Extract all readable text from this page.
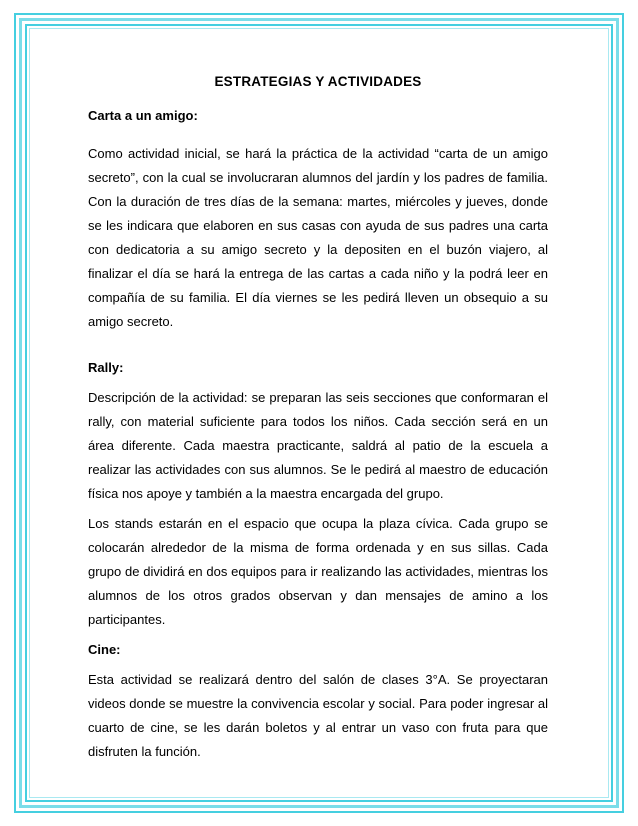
ESTRATEGIAS Y ACTIVIDADES
Carta a un amigo:
Como actividad inicial, se hará la práctica de la actividad “carta de un amigo secreto”, con la cual se involucraran alumnos del jardín y los padres de familia. Con la duración de tres días de la semana: martes, miércoles y jueves, donde se les indicara que elaboren en sus casas con ayuda de sus padres una carta con dedicatoria a su amigo secreto y la depositen en el buzón viajero, al finalizar el día se hará la entrega de las cartas a cada niño y la podrá leer en compañía de su familia. El día viernes se les pedirá lleven un obsequio a su amigo secreto.
Rally:
Descripción de la actividad: se preparan las seis secciones que conformaran el rally, con material suficiente para todos los niños. Cada sección será en un área diferente. Cada maestra practicante, saldrá al patio de la escuela a realizar las actividades con sus alumnos. Se le pedirá al maestro de educación física nos apoye y también a la maestra encargada del grupo.
Los stands estarán en el espacio que ocupa la plaza cívica. Cada grupo se colocarán alrededor de la misma de forma ordenada y en sus sillas. Cada grupo de dividirá en dos equipos para ir realizando las actividades, mientras los alumnos de los otros grados observan y dan mensajes de amino a los participantes.
Cine:
Esta actividad se realizará dentro del salón de clases 3°A. Se proyectaran videos donde se muestre la convivencia escolar y social. Para poder ingresar al cuarto de cine, se les darán boletos y al entrar un vaso con fruta para que disfruten la función.
